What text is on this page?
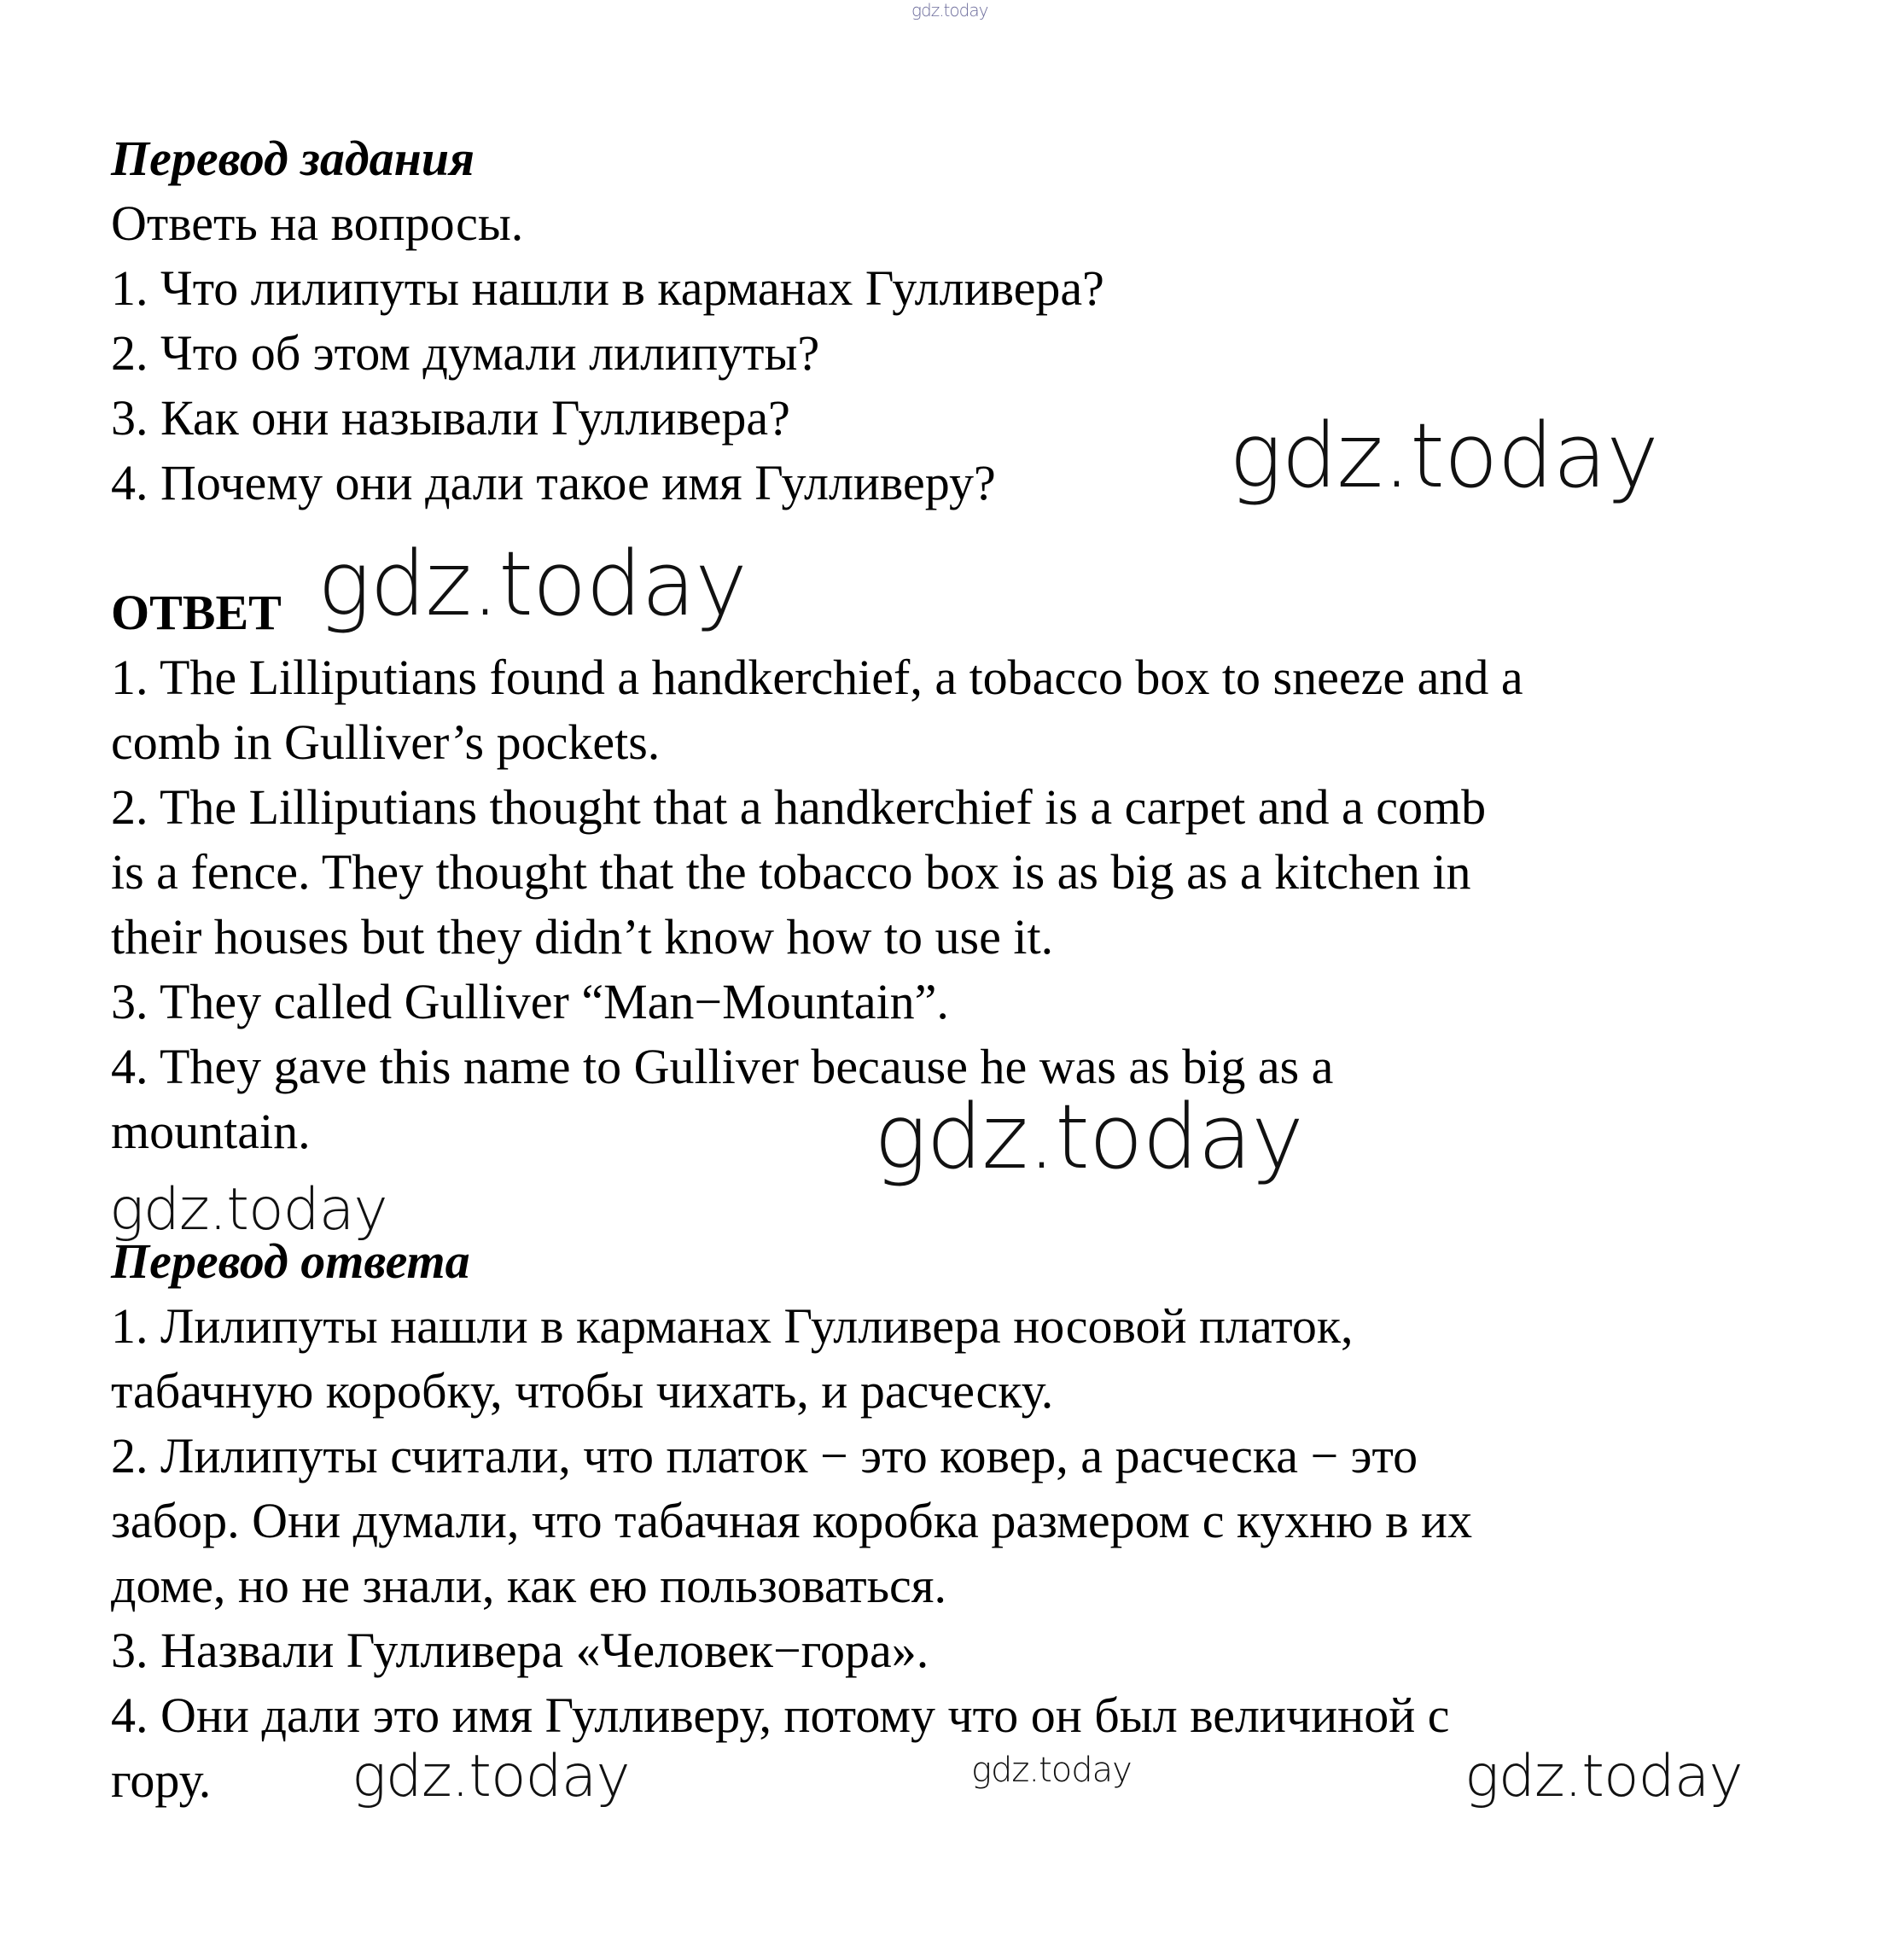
Перевод задания
Ответь на вопросы.
1. Что лилипуты нашли в карманах Гулливера?
2. Что об этом думали лилипуты?
3. Как они называли Гулливера?
4. Почему они дали такое имя Гулливеру?
ОТВЕТ
1. The Lilliputians found a handkerchief, a tobacco box to sneeze and a
comb in Gulliver’s pockets.
2. The Lilliputians thought that a handkerchief is a carpet and a comb
is a fence. They thought that the tobacco box is as big as a kitchen in
their houses but they didn’t know how to use it.
3. They called Gulliver “Man−Mountain”.
4. They gave this name to Gulliver because he was as big as a
mountain.
Перевод ответа
1. Лилипуты нашли в карманах Гулливера носовой платок,
табачную коробку, чтобы чихать, и расческу.
2. Лилипуты считали, что платок − это ковер, а расческа − это
забор. Они думали, что табачная коробка размером с кухню в их
доме, но не знали, как ею пользоваться.
3. Назвали Гулливера «Человек−гора».
4. Они дали это имя Гулливеру, потому что он был величиной с
гору.
gdz.today
gdz.today
gdz.today
gdz.today
gdz.today
gdz.today	gdz.today	gdz.today
